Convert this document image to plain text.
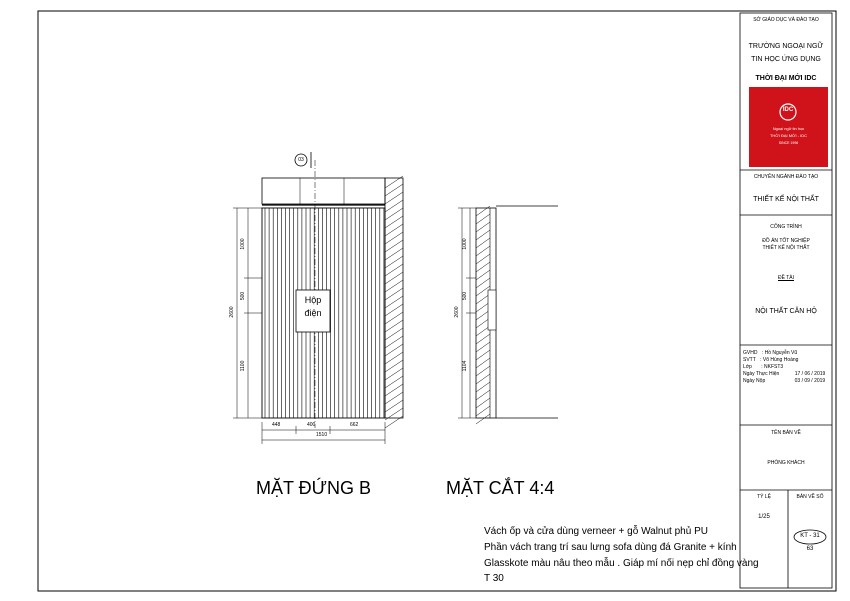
SỞ GIÁO DỤC VÀ ĐÀO TẠO
TRƯỜNG NGOẠI NGỮ
TIN HỌC ỨNG DỤNG
THỜI ĐẠI MỚI IDC
IDC
Ngoại ngữ tin học
THỜI ĐẠI MỚI - IDC
SINCE 1996
CHUYÊN NGÀNH ĐÀO TẠO
THIẾT KẾ NỘI THẤT
CÔNG TRÌNH
ĐỒ ÁN TỐT NGHIỆP
THIẾT KẾ NỘI THẤT
ĐỀ TÀI
NỘI THẤT CĂN HỘ
GVHD : Hồ Nguyễn Vũ
SVTT : Võ Hùng Hoàng
Lớp : NKFST3
Ngày Thực Hiện	17 / 06 / 2019
Ngày Nộp	03 / 09 / 2019
TÊN BẢN VẼ
PHÒNG KHÁCH
TỶ LỆ
1/25
BẢN VẼ SỐ
KT - 31
63
03
Hộp
điện
2600
1000
500
1100
448	400	662
1510
MẶT ĐỨNG B
2600
1000
500
1104
MẶT CẮT 4:4
Vách ốp và cửa dùng verneer + gỗ Walnut phủ PU
Phần vách trang trí sau lưng sofa dùng đá Granite + kính
Glasskote màu nâu theo mẫu . Giáp mí nối nẹp chỉ đồng vàng
T 30
